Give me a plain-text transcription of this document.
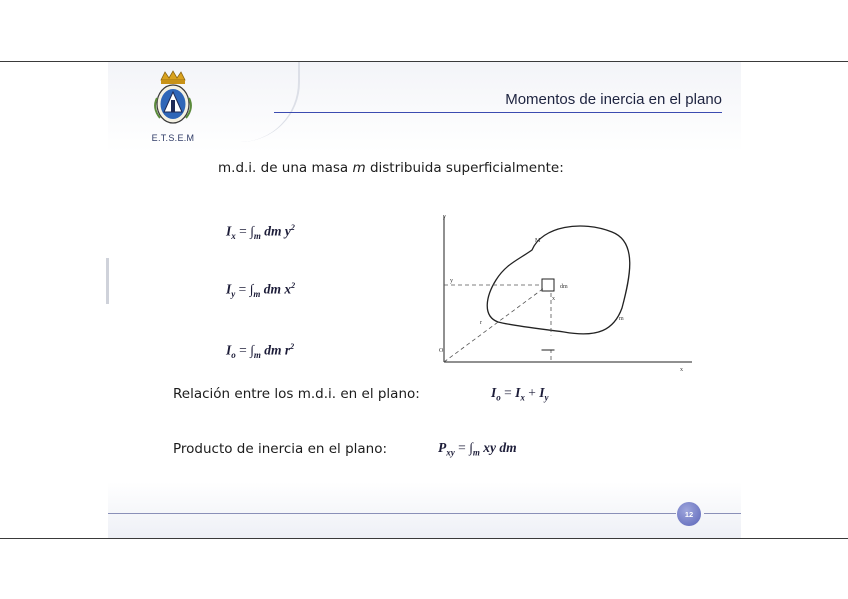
E.T.S.E.M
Momentos de inercia en el plano
m.d.i. de una masa m distribuida superficialmente:
$I_x = \int_m$ dm $y^2$
$I_y = \int_m$ dm $x^2$
$I_o = \int_m$ dm $r^2$
y
x
O
M
m
y
x
r
dm
Relación entre los m.d.i. en el plano:	$I_o = I_x + I_y$
Producto de inercia en el plano:	$P_{xy} = \int_m$ xy dm
12
